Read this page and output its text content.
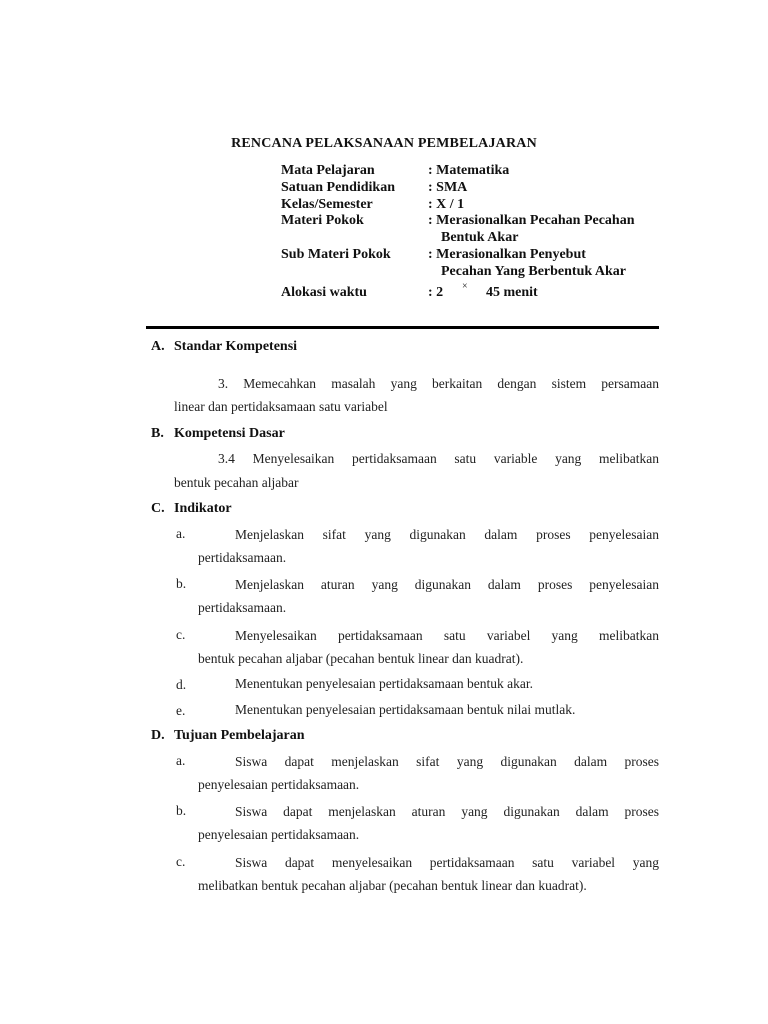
RENCANA PELAKSANAAN PEMBELAJARAN
Mata Pelajaran	: Matematika
Satuan Pendidikan : SMA
Kelas/Semester	: X / 1
Materi Pokok	: Merasionalkan Pecahan Pecahan
Bentuk Akar
Sub Materi Pokok	: Merasionalkan Penyebut
Pecahan Yang Berbentuk Akar
Alokasi waktu	: 2 × 45 menit
A. Standar Kompetensi
3. Memecahkan masalah yang berkaitan dengan sistem persamaan
linear dan pertidaksamaan satu variabel
B. Kompetensi Dasar
3.4 Menyelesaikan pertidaksamaan satu variable yang melibatkan
bentuk pecahan aljabar
C. Indikator
a.	Menjelaskan sifat yang digunakan dalam proses penyelesaian
pertidaksamaan.
b.	Menjelaskan aturan yang digunakan dalam proses penyelesaian
pertidaksamaan.
c.	Menyelesaikan pertidaksamaan satu variabel yang melibatkan
bentuk pecahan aljabar (pecahan bentuk linear dan kuadrat).
d.	Menentukan penyelesaian pertidaksamaan bentuk akar.
e.	Menentukan penyelesaian pertidaksamaan bentuk nilai mutlak.
D. Tujuan Pembelajaran
a.	Siswa dapat menjelaskan sifat yang digunakan dalam proses
penyelesaian pertidaksamaan.
b.	Siswa dapat menjelaskan aturan yang digunakan dalam proses
penyelesaian pertidaksamaan.
c.	Siswa dapat menyelesaikan pertidaksamaan satu variabel yang
melibatkan bentuk pecahan aljabar (pecahan bentuk linear dan kuadrat).
